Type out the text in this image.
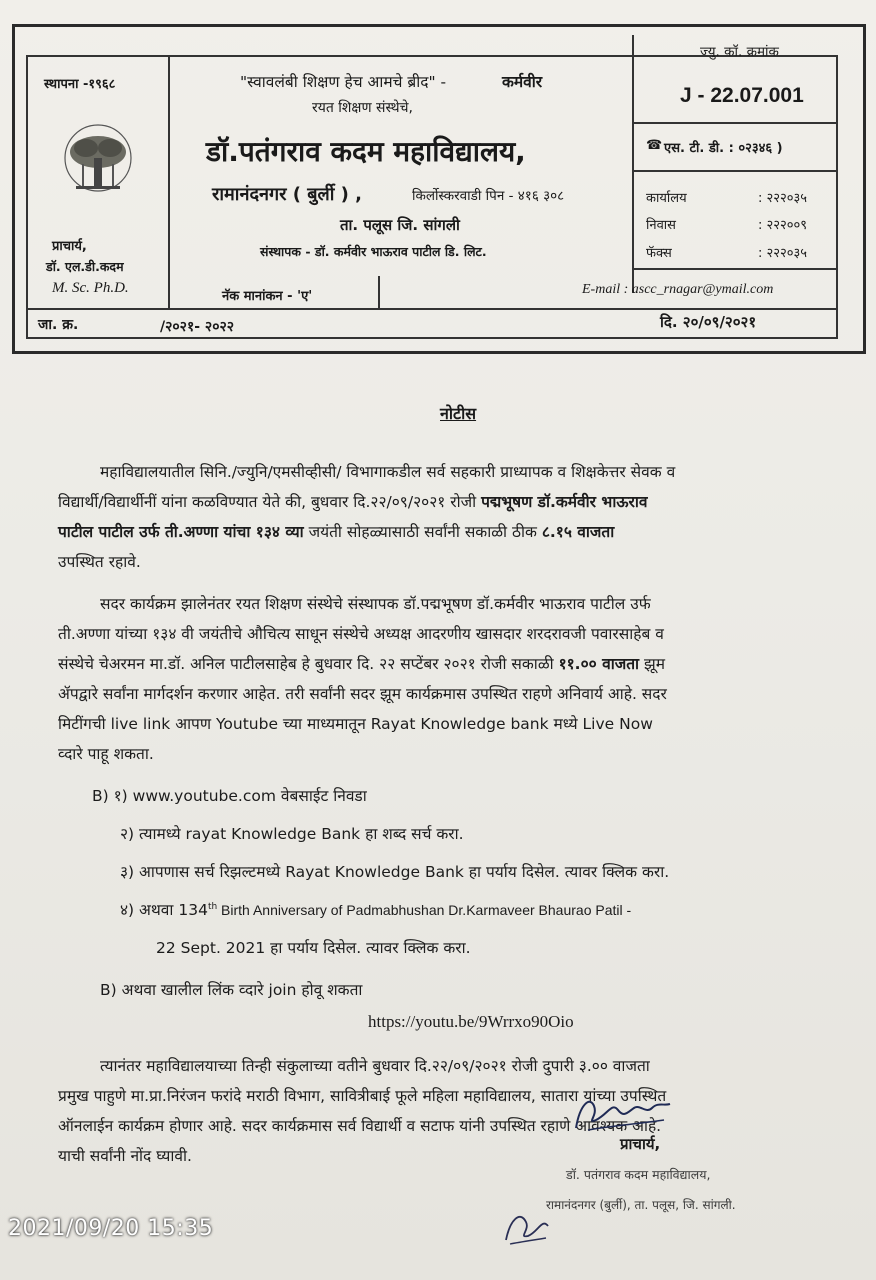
स्थापना -१९६८
प्राचार्य,
डॉ. एल.डी.कदम
M. Sc. Ph.D.
"स्वावलंबी शिक्षण हेच आमचे ब्रीद" -	कर्मवीर
रयत शिक्षण संस्थेचे,
डॉ.पतंगराव कदम महाविद्यालय,
रामानंदनगर ( बुर्ली ) ,	किर्लोस्करवाडी पिन - ४१६ ३०८
ता. पलूस जि. सांगली
संस्थापक - डॉ. कर्मवीर भाऊराव पाटील डि. लिट.
नॅक मानांकन - 'ए'
ज्यु. कॉ. क्रमांक
J - 22.07.001
☎ एस. टी. डी. : ०२३४६ )
कार्यालय	: २२२०३५
निवास	: २२२००९
फॅक्स	: २२२०३५
E-mail : ascc_rnagar@ymail.com
जा. क्र.	/२०२१- २०२२	दि. २०/०९/२०२१
नोटीस
महाविद्यालयातील सिनि./ज्युनि/एमसीव्हीसी/ विभागाकडील सर्व सहकारी प्राध्यापक व शिक्षकेत्तर सेवक व
विद्यार्थी/विद्यार्थीनीं यांना कळविण्यात येते की, बुधवार दि.२२/०९/२०२१ रोजी पद्मभूषण डॉ.कर्मवीर भाऊराव
पाटील पाटील उर्फ ती.अण्णा यांचा १३४ व्या जयंती सोहळ्यासाठी सर्वांनी सकाळी ठीक ८.१५ वाजता
उपस्थित रहावे.
सदर कार्यक्रम झालेनंतर रयत शिक्षण संस्थेचे संस्थापक डॉ.पद्मभूषण डॉ.कर्मवीर भाऊराव पाटील उर्फ
ती.अण्णा यांच्या १३४ वी जयंतीचे औचित्य साधून संस्थेचे अध्यक्ष आदरणीय खासदार शरदरावजी पवारसाहेब व
संस्थेचे चेअरमन मा.डॉ. अनिल पाटीलसाहेब हे बुधवार दि. २२ सप्टेंबर २०२१ रोजी सकाळी ११.०० वाजता झूम
ॲपद्वारे सर्वांना मार्गदर्शन करणार आहेत. तरी सर्वांनी सदर झूम कार्यक्रमास उपस्थित राहणे अनिवार्य आहे. सदर
मिटींगची live link आपण Youtube च्या माध्यमातून Rayat Knowledge bank मध्ये Live Now
व्दारे पाहू शकता.
B) १) www.youtube.com वेबसाईट निवडा
२) त्यामध्ये rayat Knowledge Bank हा शब्द सर्च करा.
३) आपणास सर्च रिझल्टमध्ये Rayat Knowledge Bank हा पर्याय दिसेल. त्यावर क्लिक करा.
४) अथवा 134th Birth Anniversary of Padmabhushan Dr.Karmaveer Bhaurao Patil -
22 Sept. 2021 हा पर्याय दिसेल. त्यावर क्लिक करा.
B) अथवा खालील लिंक व्दारे join होवू शकता
https://youtu.be/9Wrrxo90Oio
त्यानंतर महाविद्यालयाच्या तिन्ही संकुलाच्या वतीने बुधवार दि.२२/०९/२०२१ रोजी दुपारी ३.०० वाजता
प्रमुख पाहुणे मा.प्रा.निरंजन फरांदे मराठी विभाग, सावित्रीबाई फूले महिला महाविद्यालय, सातारा यांच्या उपस्थित
ऑनलाईन कार्यक्रम होणार आहे. सदर कार्यक्रमास सर्व विद्यार्थी व सटाफ यांनी उपस्थित रहाणे आवश्यक आहे.
याची सर्वांनी नोंद घ्यावी.
प्राचार्य,
डॉ. पतंगराव कदम महाविद्यालय,
रामानंदनगर (बुर्ली), ता. पलूस, जि. सांगली.
2021/09/20 15:35
